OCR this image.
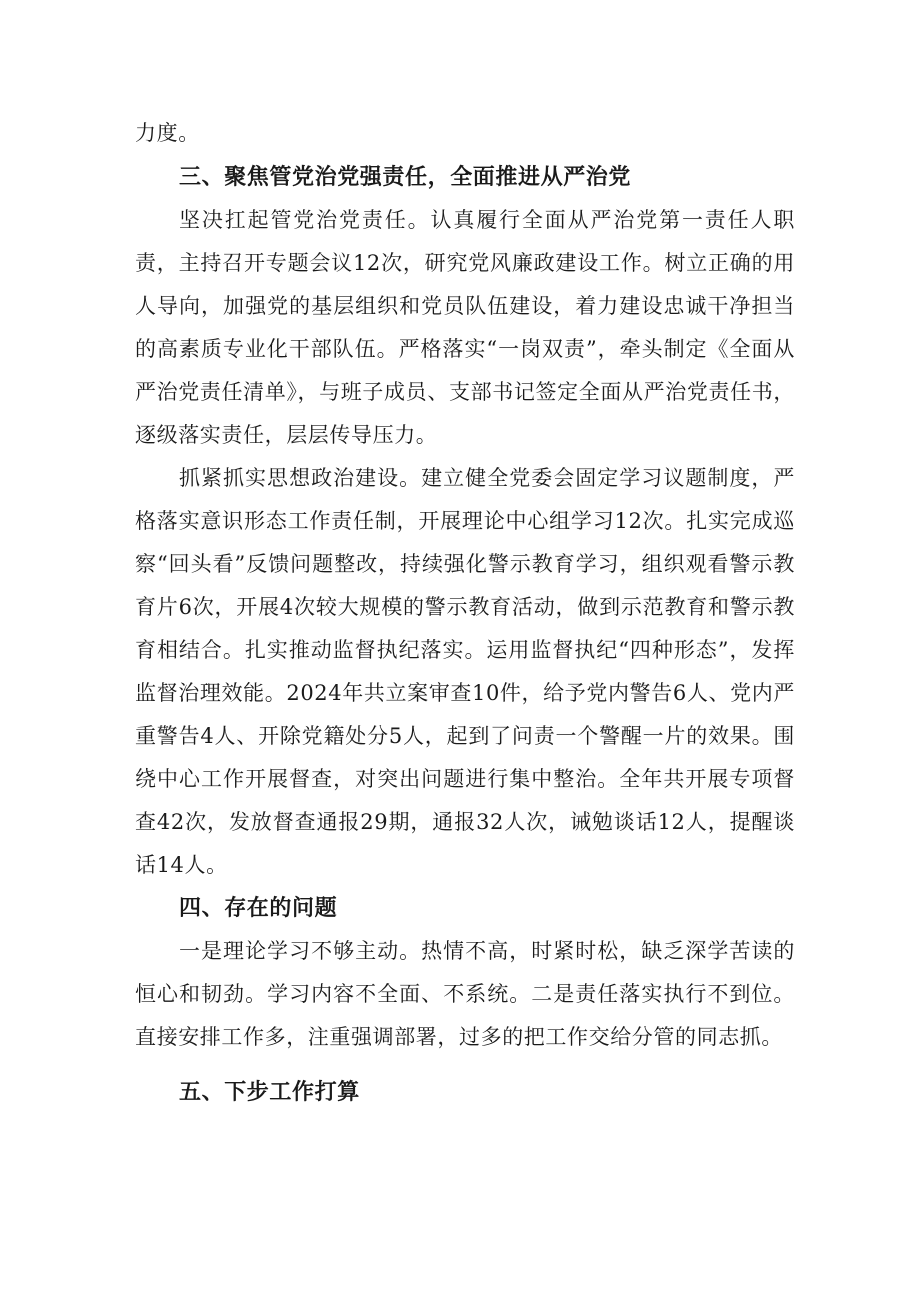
力度。

三、聚焦管党治党强责任，全面推进从严治党

坚决扛起管党治党责任。认真履行全面从严治党第一责任人职责，主持召开专题会议12次，研究党风廉政建设工作。树立正确的用人导向，加强党的基层组织和党员队伍建设，着力建设忠诚干净担当的高素质专业化干部队伍。严格落实“一岗双责”，牵头制定《全面从严治党责任清单》，与班子成员、支部书记签定全面从严治党责任书，逐级落实责任，层层传导压力。

抓紧抓实思想政治建设。建立健全党委会固定学习议题制度，严格落实意识形态工作责任制，开展理论中心组学习12次。扎实完成巡察“回头看”反馈问题整改，持续强化警示教育学习，组织观看警示教育片6次，开展4次较大规模的警示教育活动，做到示范教育和警示教育相结合。扎实推动监督执纪落实。运用监督执纪“四种形态”，发挥监督治理效能。2024年共立案审查10件，给予党内警告6人、党内严重警告4人、开除党籍处分5人，起到了问责一个警醒一片的效果。围绕中心工作开展督查，对突出问题进行集中整治。全年共开展专项督查42次，发放督查通报29期，通报32人次，诫勉谈话12人，提醒谈话14人。

四、存在的问题

一是理论学习不够主动。热情不高，时紧时松，缺乏深学苦读的恒心和韧劲。学习内容不全面、不系统。二是责任落实执行不到位。直接安排工作多，注重强调部署，过多的把工作交给分管的同志抓。

五、下步工作打算
